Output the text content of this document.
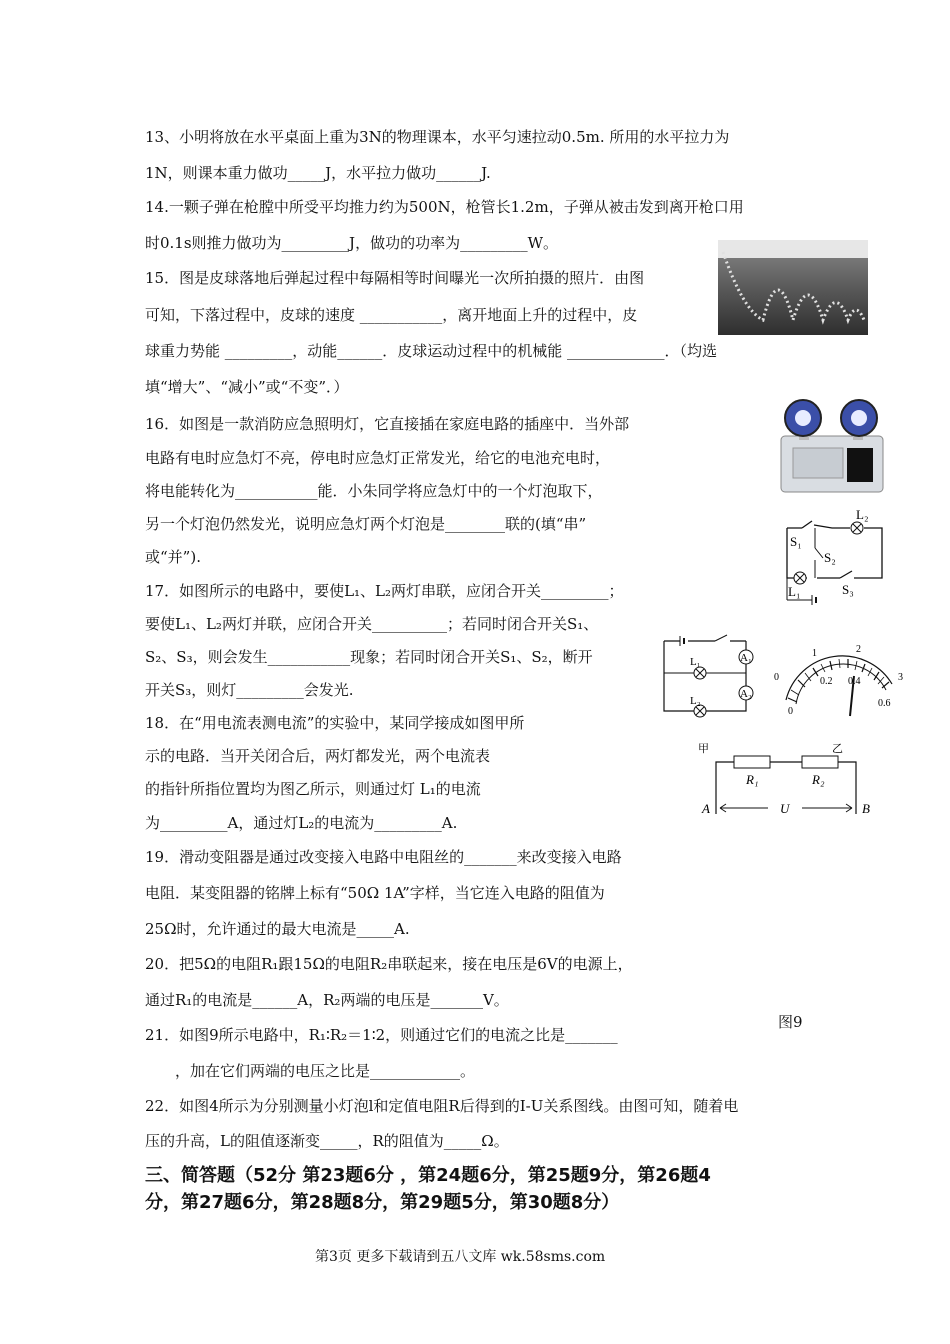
13、小明将放在水平桌面上重为3N的物理课本，水平匀速拉动0.5m. 所用的水平拉力为
1N，则课本重力做功_____J，水平拉力做功______J.
14.一颗子弹在枪膛中所受平均推力约为500N，枪管长1.2m，子弹从被击发到离开枪口用
时0.1s则推力做功为_________J，做功的功率为_________W。
15．图是皮球落地后弹起过程中每隔相等时间曝光一次所拍摄的照片．由图
可知，下落过程中，皮球的速度 ___________，离开地面上升的过程中，皮
球重力势能 _________，动能______．皮球运动过程中的机械能 _____________．（均选
填“增大”、“减小”或“不变”．）
16．如图是一款消防应急照明灯，它直接插在家庭电路的插座中．当外部
电路有电时应急灯不亮，停电时应急灯正常发光，给它的电池充电时，
将电能转化为___________能．小朱同学将应急灯中的一个灯泡取下，
另一个灯泡仍然发光，说明应急灯两个灯泡是________联的(填“串”
或“并”).
17．如图所示的电路中，要使L₁、L₂两灯串联，应闭合开关_________；
要使L₁、L₂两灯并联，应闭合开关__________；若同时闭合开关S₁、
S₂、S₃，则会发生___________现象；若同时闭合开关S₁、S₂，断开
开关S₃，则灯_________会发光.
18．在“用电流表测电流”的实验中，某同学接成如图甲所
示的电路．当开关闭合后，两灯都发光，两个电流表
的指针所指位置均为图乙所示，则通过灯 L₁的电流
为_________A，通过灯L₂的电流为_________A.
19．滑动变阻器是通过改变接入电路中电阻丝的_______来改变接入电路
电阻．某变阻器的铭牌上标有“50Ω 1A”字样，当它连入电路的阻值为
25Ω时，允许通过的最大电流是_____A.
20．把5Ω的电阻R₁跟15Ω的电阻R₂串联起来，接在电压是6V的电源上，
通过R₁的电流是______A，R₂两端的电压是_______V。
21．如图9所示电路中，R₁∶R₂＝1∶2，则通过它们的电流之比是_______
，加在它们两端的电压之比是____________。
22．如图4所示为分别测量小灯泡l和定值电阻R后得到的I-U关系图线。由图可知，随着电
压的升高，L的阻值逐渐变_____，R的阻值为_____Ω。
三、简答题（52分 第23题6分 ，第24题6分，第25题9分，第26题4
分，第27题6分，第28题8分，第29题5分，第30题8分）
第3页 更多下载请到五八文库 wk.58sms.com
L₂
S₁
S₂
L₁	S₃
L₁
L₂
A₁
A₂
0
1	2
3
0
0.2 0.4
0.6
甲	乙
R₁	R₂
A	U	B
图9
